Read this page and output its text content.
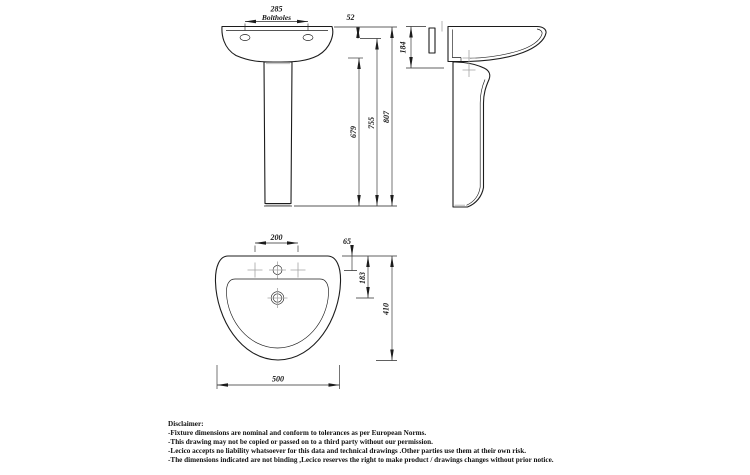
285
Boltholes	52
679
755 807
184
200	65
183
410
500
Disclaimer:
-Fixture dimensions are nominal and conform to tolerances as per European Norms.
-This drawing may not be copied or passed on to a third party without our permission.
-Lecico accepts no liability whatsoever for this data and technical drawings .Other parties use them at their own risk.
-The dimensions indicated are not binding ,Lecico reserves the right to make product / drawings changes without prior notice.
